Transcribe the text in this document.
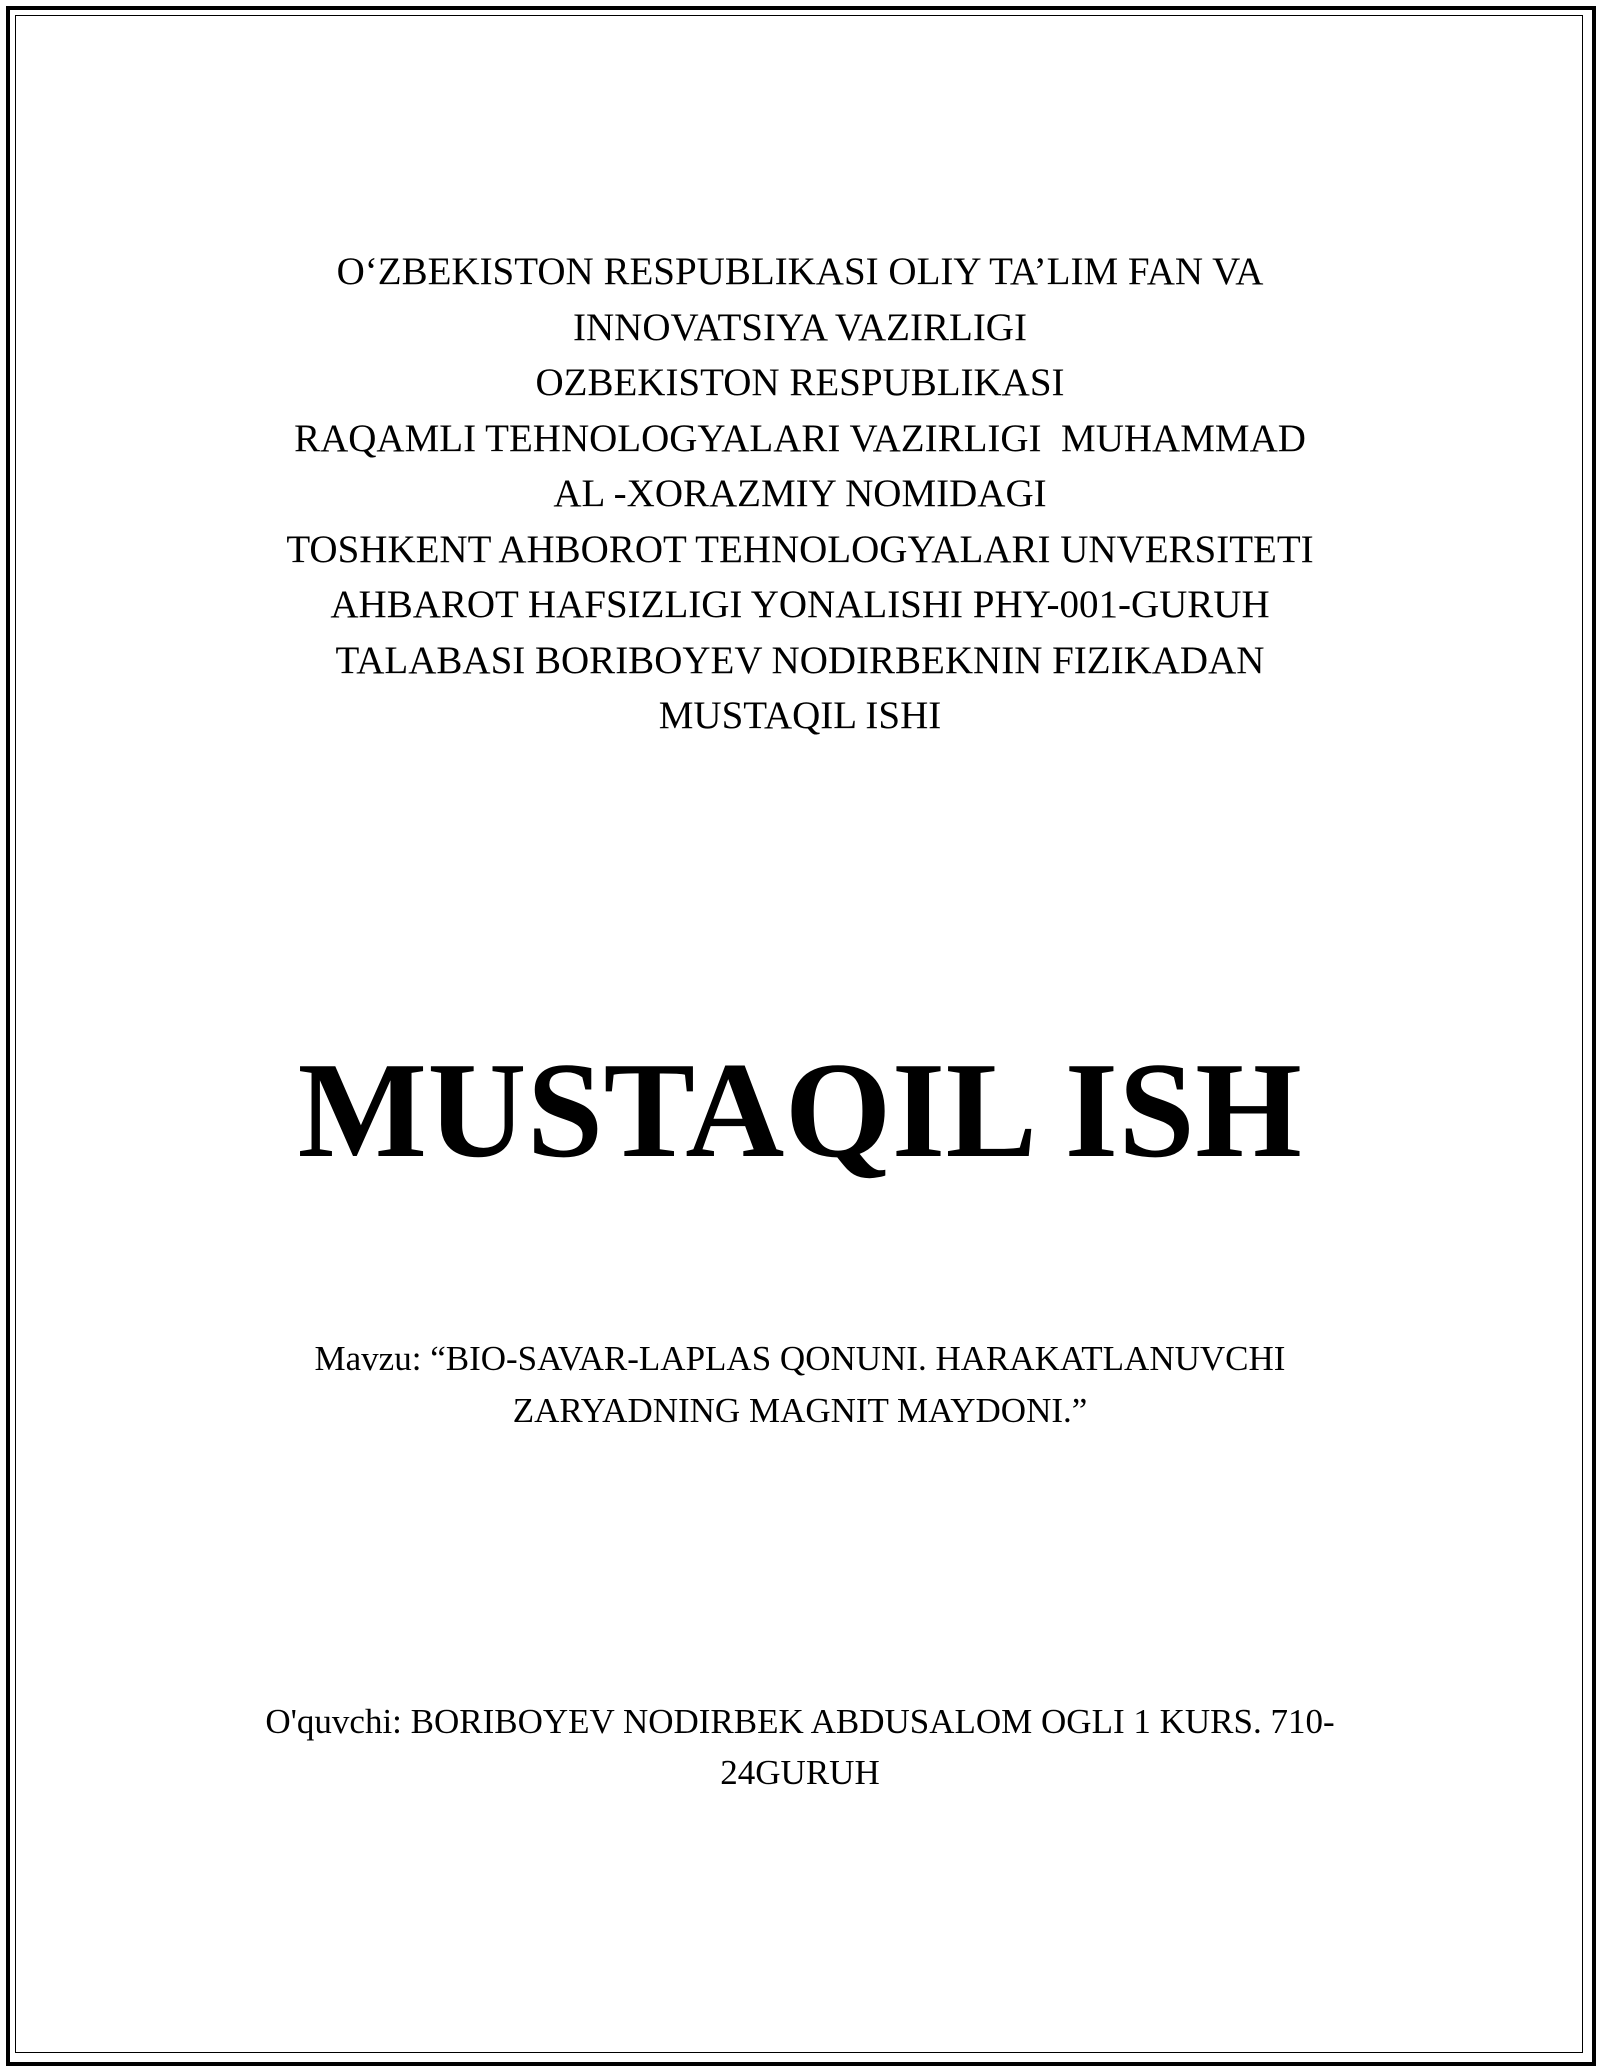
O‘ZBEKISTON RESPUBLIKASI OLIY TA’LIM FAN VA
INNOVATSIYA VAZIRLIGI
OZBEKISTON RESPUBLIKASI
RAQAMLI TEHNOLOGYALARI VAZIRLIGI  MUHAMMAD
AL -XORAZMIY NOMIDAGI
TOSHKENT AHBOROT TEHNOLOGYALARI UNVERSITETI
AHBAROT HAFSIZLIGI YONALISHI PHY-001-GURUH
TALABASI BORIBOYEV NODIRBEKNIN FIZIKADAN
MUSTAQIL ISHI
MUSTAQIL ISH
Mavzu: “BIO-SAVAR-LAPLAS QONUNI. HARAKATLANUVCHI
ZARYADNING MAGNIT MAYDONI.”
O'quvchi: BORIBOYEV NODIRBEK ABDUSALOM OGLI 1 KURS. 710-
24GURUH
